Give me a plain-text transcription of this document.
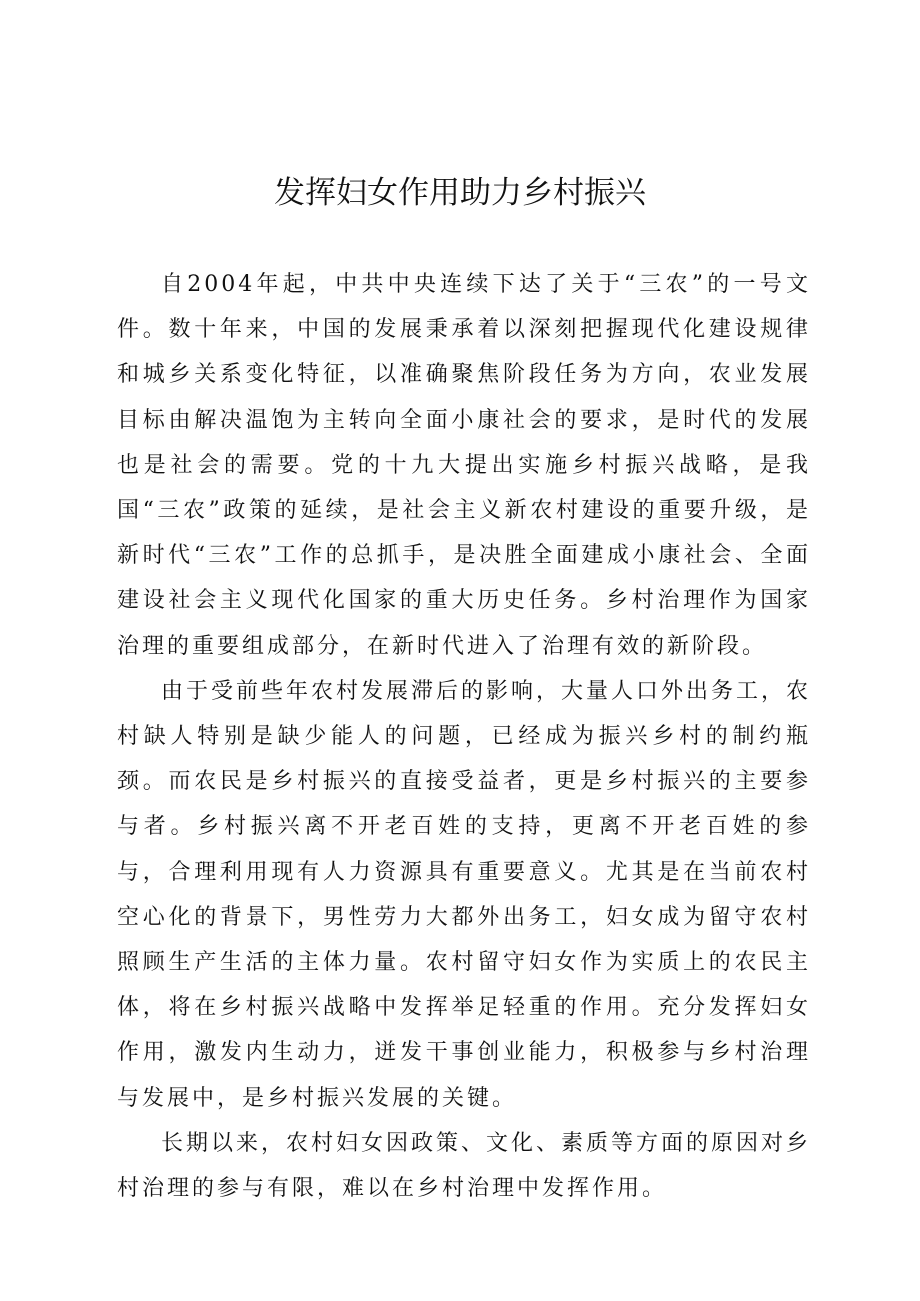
发挥妇女作用助力乡村振兴

自2004年起，中共中央连续下达了关于“三农”的一号文件。数十年来，中国的发展秉承着以深刻把握现代化建设规律和城乡关系变化特征，以准确聚焦阶段任务为方向，农业发展目标由解决温饱为主转向全面小康社会的要求，是时代的发展也是社会的需要。党的十九大提出实施乡村振兴战略，是我国“三农”政策的延续，是社会主义新农村建设的重要升级，是新时代“三农”工作的总抓手，是决胜全面建成小康社会、全面建设社会主义现代化国家的重大历史任务。乡村治理作为国家治理的重要组成部分，在新时代进入了治理有效的新阶段。

由于受前些年农村发展滞后的影响，大量人口外出务工，农村缺人特别是缺少能人的问题，已经成为振兴乡村的制约瓶颈。而农民是乡村振兴的直接受益者，更是乡村振兴的主要参与者。乡村振兴离不开老百姓的支持，更离不开老百姓的参与，合理利用现有人力资源具有重要意义。尤其是在当前农村空心化的背景下，男性劳力大都外出务工，妇女成为留守农村照顾生产生活的主体力量。农村留守妇女作为实质上的农民主体，将在乡村振兴战略中发挥举足轻重的作用。充分发挥妇女作用，激发内生动力，迸发干事创业能力，积极参与乡村治理与发展中，是乡村振兴发展的关键。

长期以来，农村妇女因政策、文化、素质等方面的原因对乡村治理的参与有限，难以在乡村治理中发挥作用。
